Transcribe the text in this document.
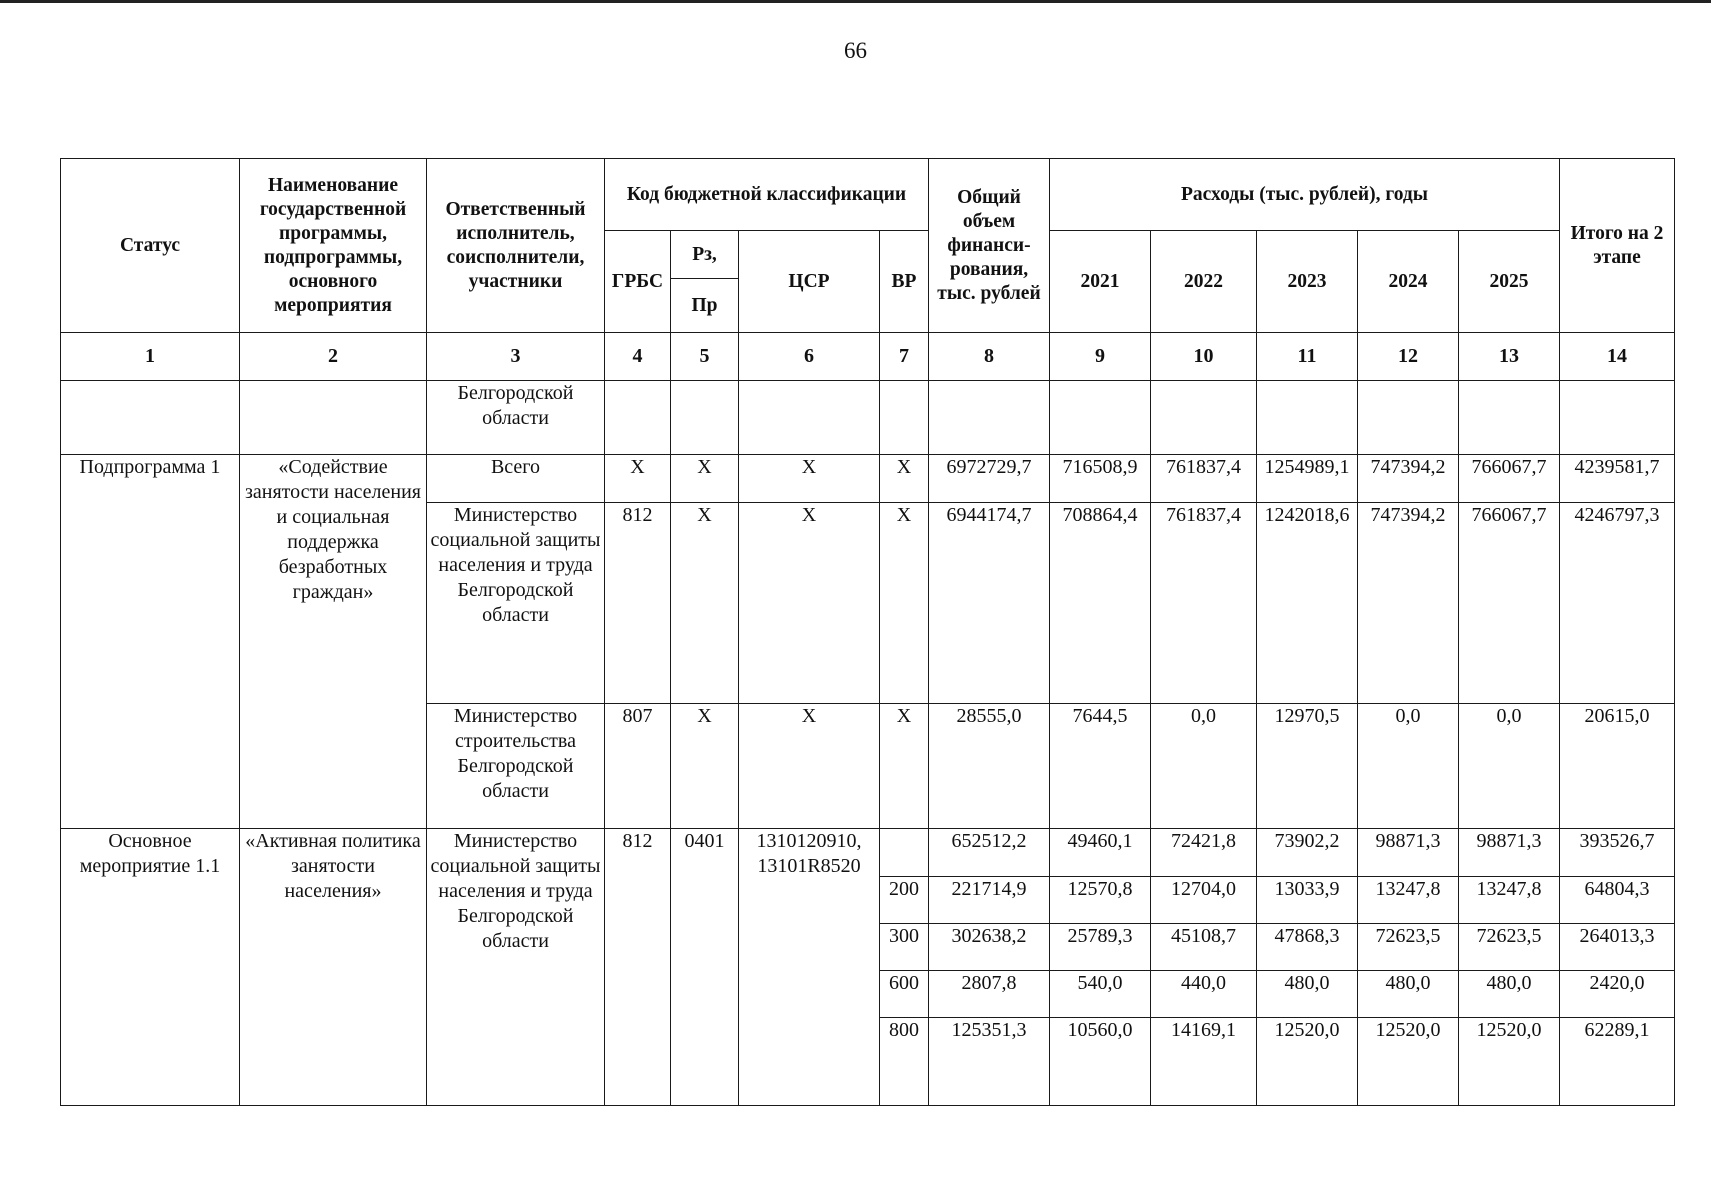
66
Статус	Наименование государственной программы, подпрограммы, основного мероприятия	Ответственный исполнитель, соисполнители, участники	Код бюджетной классификации				Общий объем финанси-рования, тыс. рублей	Расходы (тыс. рублей), годы					Итого на 2 этапе
			ГРБС	Рз,	ЦСР	ВР		2021	2022	2023	2024	2025	
				Пр									
1	2	3	4	5	6	7	8	9	10	11	12	13	14
		Белгородской области											
Подпрограмма 1	«Содействие занятости населения и социальная поддержка безработных граждан»	Всего	Х	Х	Х	Х	6972729,7	716508,9	761837,4	1254989,1	747394,2	766067,7	4239581,7
		Министерство социальной защиты населения и труда Белгородской области	812	Х	Х	Х	6944174,7	708864,4	761837,4	1242018,6	747394,2	766067,7	4246797,3
		Министерство строительства Белгородской области	807	Х	Х	Х	28555,0	7644,5	0,0	12970,5	0,0	0,0	20615,0
Основное мероприятие 1.1	«Активная политика занятости населения»	Министерство социальной защиты населения и труда Белгородской области	812	0401	1310120910, 13101R8520		652512,2	49460,1	72421,8	73902,2	98871,3	98871,3	393526,7
						200	221714,9	12570,8	12704,0	13033,9	13247,8	13247,8	64804,3
						300	302638,2	25789,3	45108,7	47868,3	72623,5	72623,5	264013,3
						600	2807,8	540,0	440,0	480,0	480,0	480,0	2420,0
						800	125351,3	10560,0	14169,1	12520,0	12520,0	12520,0	62289,1
